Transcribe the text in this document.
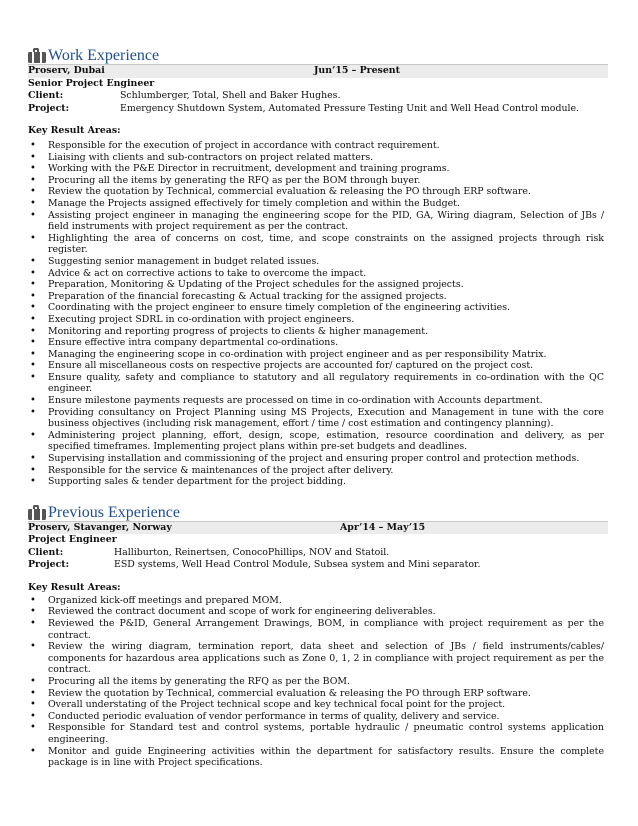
Work Experience
Proserv, Dubai	Jun’15 – Present
Senior Project Engineer
Client:	Schlumberger, Total, Shell and Baker Hughes.
Project:	Emergency Shutdown System, Automated Pressure Testing Unit and Well Head Control module.
Key Result Areas:
• Responsible for the execution of project in accordance with contract requirement.
• Liaising with clients and sub-contractors on project related matters.
• Working with the P&E Director in recruitment, development and training programs.
• Procuring all the items by generating the RFQ as per the BOM through buyer.
• Review the quotation by Technical, commercial evaluation & releasing the PO through ERP software.
• Manage the Projects assigned effectively for timely completion and within the Budget.
• Assisting project engineer in managing the engineering scope for the PID, GA, Wiring diagram, Selection of JBs / field instruments with project requirement as per the contract.
• Highlighting the area of concerns on cost, time, and scope constraints on the assigned projects through risk register.
• Suggesting senior management in budget related issues.
• Advice & act on corrective actions to take to overcome the impact.
• Preparation, Monitoring & Updating of the Project schedules for the assigned projects.
• Preparation of the financial forecasting & Actual tracking for the assigned projects.
• Coordinating with the project engineer to ensure timely completion of the engineering activities.
• Executing project SDRL in co-ordination with project engineers.
• Monitoring and reporting progress of projects to clients & higher management.
• Ensure effective intra company departmental co-ordinations.
• Managing the engineering scope in co-ordination with project engineer and as per responsibility Matrix.
• Ensure all miscellaneous costs on respective projects are accounted for/ captured on the project cost.
• Ensure quality, safety and compliance to statutory and all regulatory requirements in co-ordination with the QC engineer.
• Ensure milestone payments requests are processed on time in co-ordination with Accounts department.
• Providing consultancy on Project Planning using MS Projects, Execution and Management in tune with the core business objectives (including risk management, effort / time / cost estimation and contingency planning).
• Administering project planning, effort, design, scope, estimation, resource coordination and delivery, as per specified timeframes. Implementing project plans within pre-set budgets and deadlines.
• Supervising installation and commissioning of the project and ensuring proper control and protection methods.
• Responsible for the service & maintenances of the project after delivery.
• Supporting sales & tender department for the project bidding.
Previous Experience
Proserv, Stavanger, Norway	Apr’14 – May’15
Project Engineer
Client:	Halliburton, Reinertsen, ConocoPhillips, NOV and Statoil.
Project:	ESD systems, Well Head Control Module, Subsea system and Mini separator.
Key Result Areas:
• Organized kick-off meetings and prepared MOM.
• Reviewed the contract document and scope of work for engineering deliverables.
• Reviewed the P&ID, General Arrangement Drawings, BOM, in compliance with project requirement as per the contract.
• Review the wiring diagram, termination report, data sheet and selection of JBs / field instruments/cables/ components for hazardous area applications such as Zone 0, 1, 2 in compliance with project requirement as per the contract.
• Procuring all the items by generating the RFQ as per the BOM.
• Review the quotation by Technical, commercial evaluation & releasing the PO through ERP software.
• Overall understating of the Project technical scope and key technical focal point for the project.
• Conducted periodic evaluation of vendor performance in terms of quality, delivery and service.
• Responsible for Standard test and control systems, portable hydraulic / pneumatic control systems application engineering.
• Monitor and guide Engineering activities within the department for satisfactory results. Ensure the complete package is in line with Project specifications.
